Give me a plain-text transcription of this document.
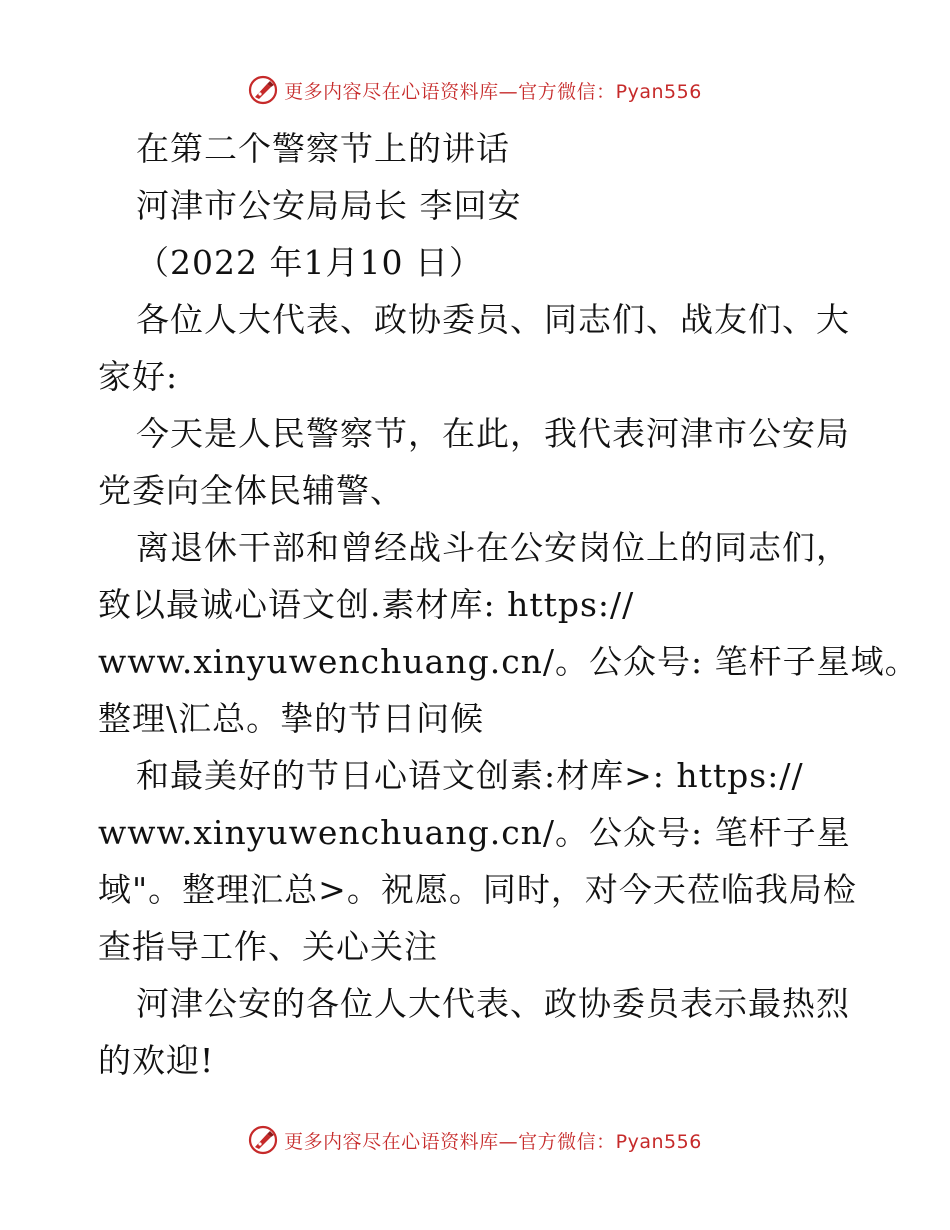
更多内容尽在心语资料库—官方微信：Pyan556
在第二个警察节上的讲话
河津市公安局局长 李回安
（2022 年1月10 日）
各位人大代表、政协委员、同志们、战友们、大
家好:
今天是人民警察节，在此，我代表河津市公安局
党委向全体民辅警、
离退休干部和曾经战斗在公安岗位上的同志们，
致以最诚心语文创.素材库: https://
www.xinyuwenchuang.cn/。公众号: 笔杆子星域。
整理\汇总。挚的节日问候
和最美好的节日心语文创素:材库>: https://
www.xinyuwenchuang.cn/。公众号: 笔杆子星
域"。整理汇总>。祝愿。同时，对今天莅临我局检
查指导工作、关心关注
河津公安的各位人大代表、政协委员表示最热烈
的欢迎!
更多内容尽在心语资料库—官方微信：Pyan556
